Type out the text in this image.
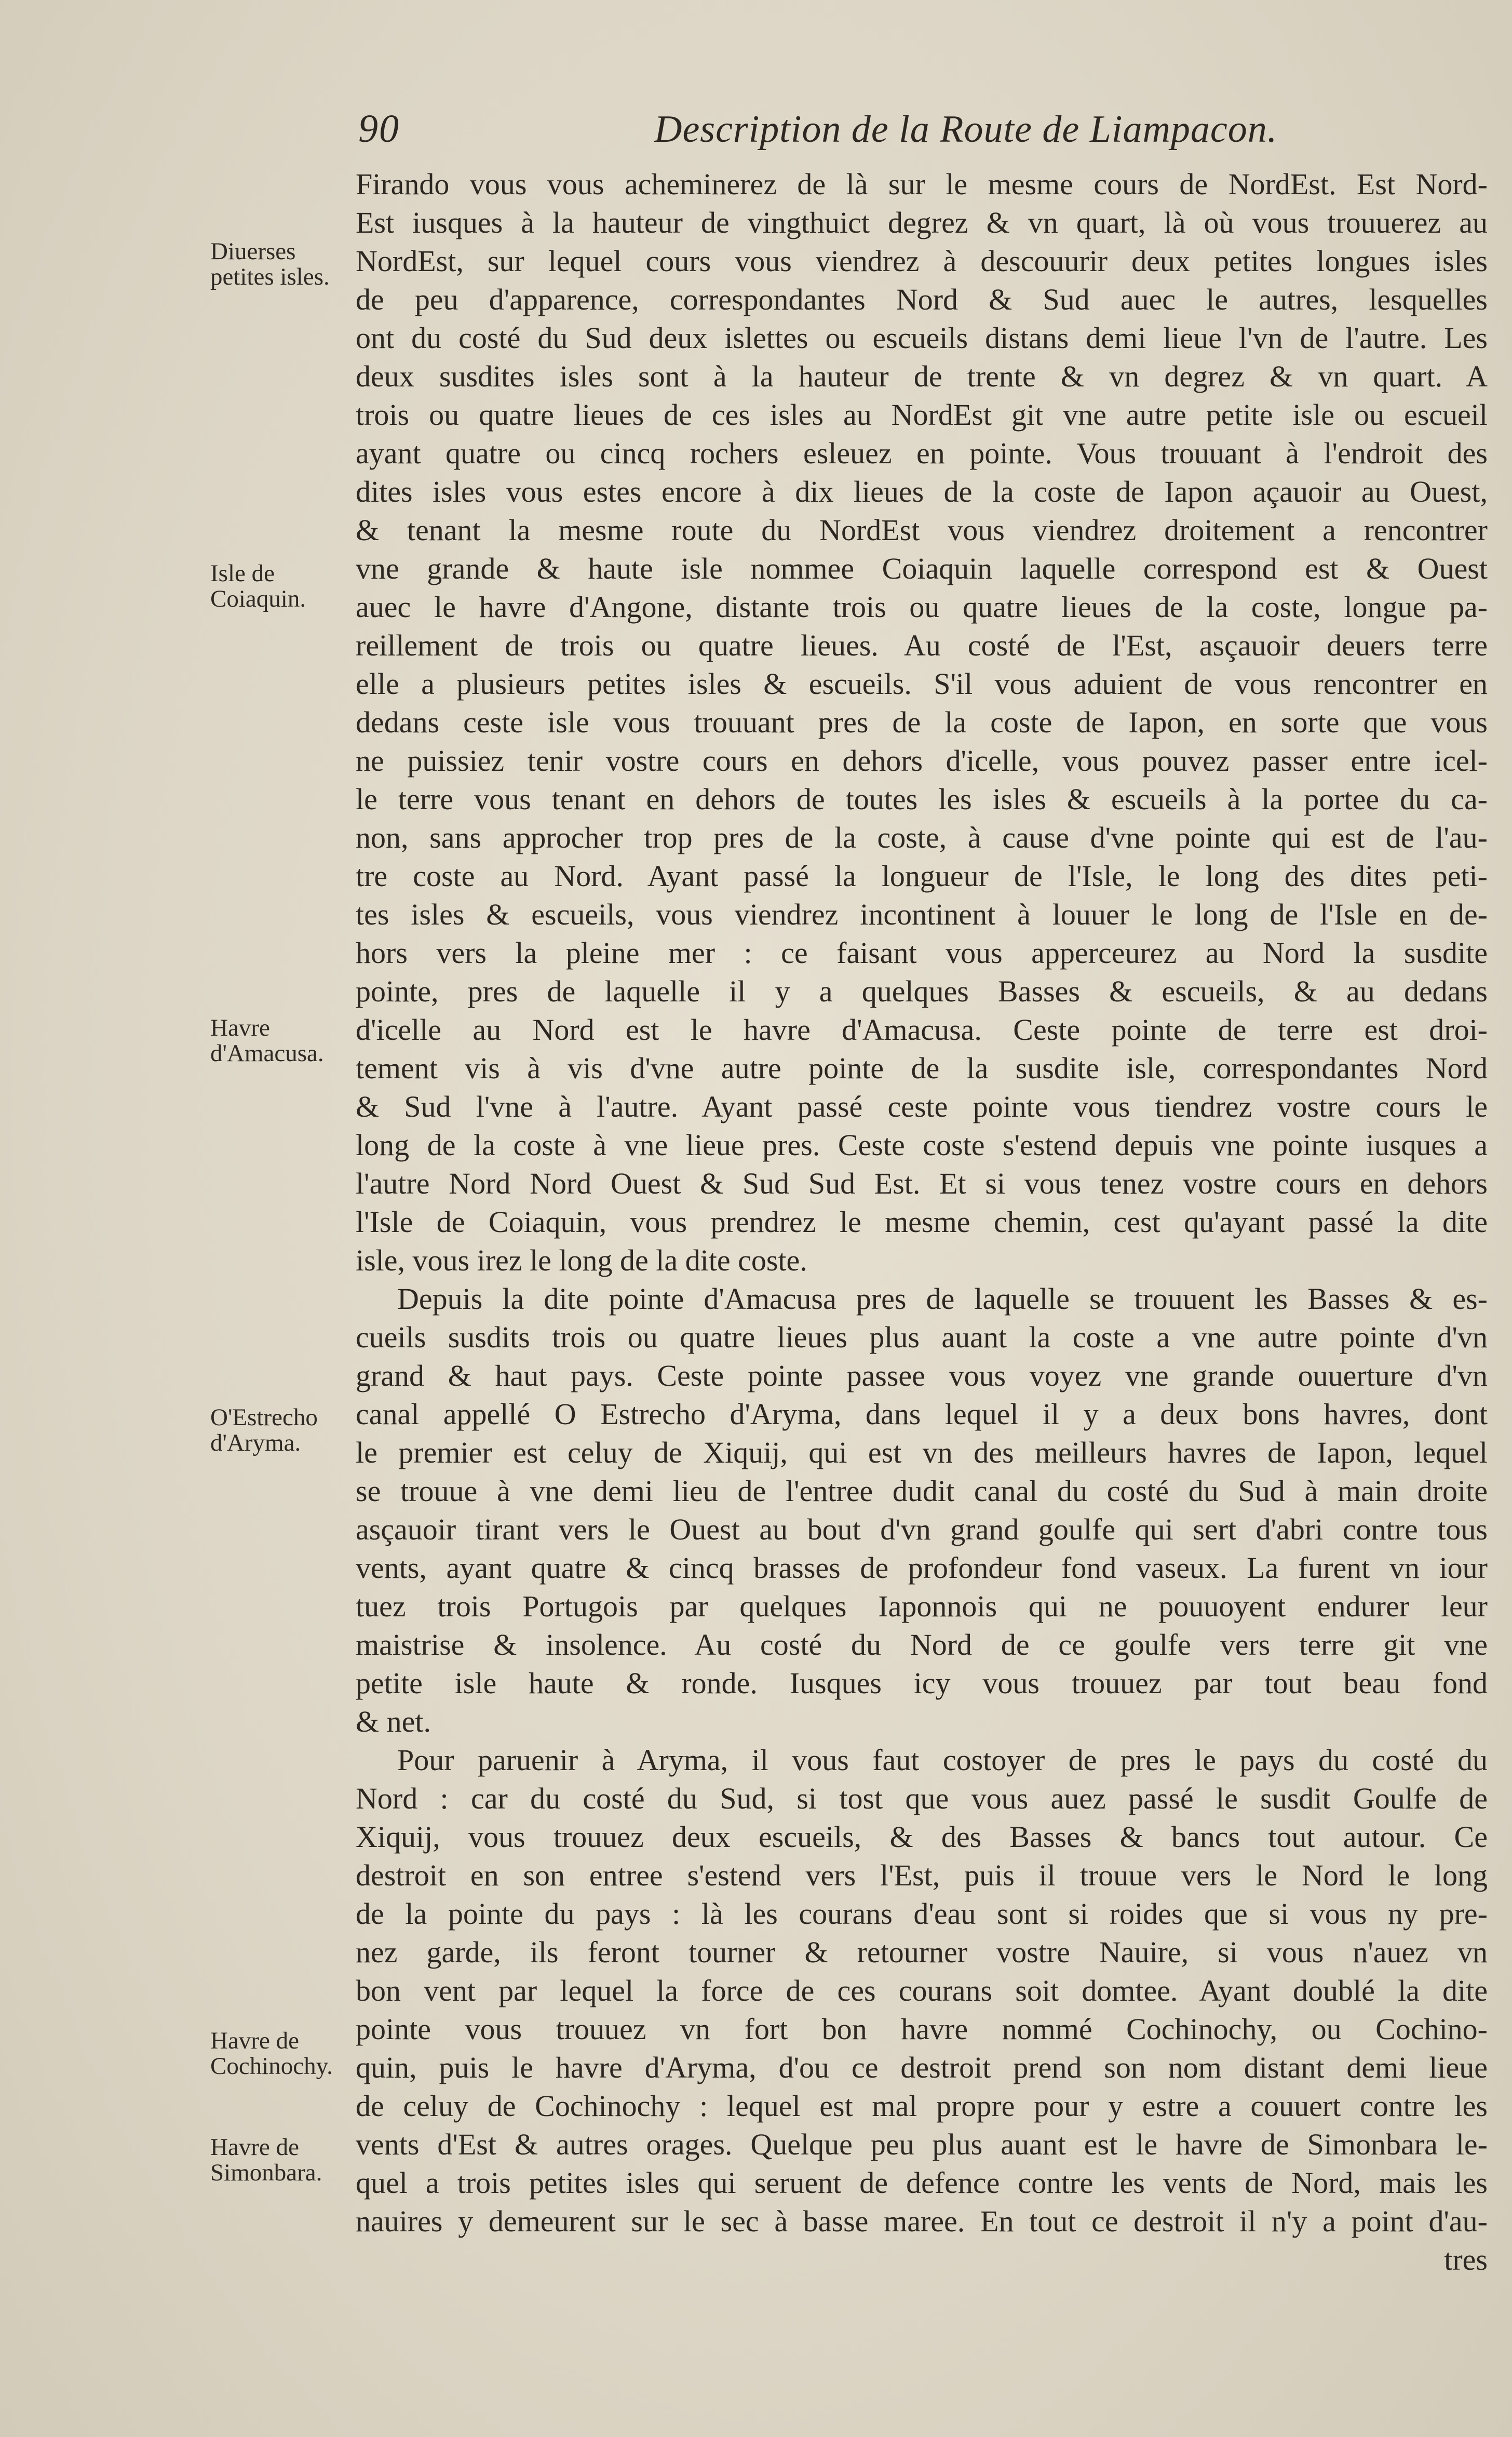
90	Description de la Route de Liampacon.
Diuerses petites isles.
Isle de Coiaquin.
Havre d'Amacusa.
O'Estrecho d'Aryma.
Havre de Cochinochy.
Havre de Simonbara.
Firando vous vous acheminerez de là sur le mesme cours de NordEst. Est Nord-
Est iusques à la hauteur de vingthuict degrez & vn quart, là où vous trouuerez au
NordEst, sur lequel cours vous viendrez à descouurir deux petites longues isles
de peu d'apparence, correspondantes Nord & Sud auec le autres, lesquelles
ont du costé du Sud deux islettes ou escueils distans demi lieue l'vn de l'autre. Les
deux susdites isles sont à la hauteur de trente & vn degrez & vn quart. A
trois ou quatre lieues de ces isles au NordEst git vne autre petite isle ou escueil
ayant quatre ou cincq rochers esleuez en pointe. Vous trouuant à l'endroit des
dites isles vous estes encore à dix lieues de la coste de Iapon açauoir au Ouest,
& tenant la mesme route du NordEst vous viendrez droitement a rencontrer
vne grande & haute isle nommee Coiaquin laquelle correspond est & Ouest
auec le havre d'Angone, distante trois ou quatre lieues de la coste, longue pa-
reillement de trois ou quatre lieues. Au costé de l'Est, asçauoir deuers terre
elle a plusieurs petites isles & escueils. S'il vous aduient de vous rencontrer en
dedans ceste isle vous trouuant pres de la coste de Iapon, en sorte que vous
ne puissiez tenir vostre cours en dehors d'icelle, vous pouvez passer entre icel-
le terre vous tenant en dehors de toutes les isles & escueils à la portee du ca-
non, sans approcher trop pres de la coste, à cause d'vne pointe qui est de l'au-
tre coste au Nord. Ayant passé la longueur de l'Isle, le long des dites peti-
tes isles & escueils, vous viendrez incontinent à louuer le long de l'Isle en de-
hors vers la pleine mer : ce faisant vous apperceurez au Nord la susdite
pointe, pres de laquelle il y a quelques Basses & escueils, & au dedans
d'icelle au Nord est le havre d'Amacusa. Ceste pointe de terre est droi-
tement vis à vis d'vne autre pointe de la susdite isle, correspondantes Nord
& Sud l'vne à l'autre. Ayant passé ceste pointe vous tiendrez vostre cours le
long de la coste à vne lieue pres. Ceste coste s'estend depuis vne pointe iusques a
l'autre Nord Nord Ouest & Sud Sud Est. Et si vous tenez vostre cours en dehors
l'Isle de Coiaquin, vous prendrez le mesme chemin, cest qu'ayant passé la dite
isle, vous irez le long de la dite coste.
Depuis la dite pointe d'Amacusa pres de laquelle se trouuent les Basses & es-
cueils susdits trois ou quatre lieues plus auant la coste a vne autre pointe d'vn
grand & haut pays. Ceste pointe passee vous voyez vne grande ouuerture d'vn
canal appellé O Estrecho d'Aryma, dans lequel il y a deux bons havres, dont
le premier est celuy de Xiquij, qui est vn des meilleurs havres de Iapon, lequel
se trouue à vne demi lieu de l'entree dudit canal du costé du Sud à main droite
asçauoir tirant vers le Ouest au bout d'vn grand goulfe qui sert d'abri contre tous
vents, ayant quatre & cincq brasses de profondeur fond vaseux. La furent vn iour
tuez trois Portugois par quelques Iaponnois qui ne pouuoyent endurer leur
maistrise & insolence. Au costé du Nord de ce goulfe vers terre git vne
petite isle haute & ronde. Iusques icy vous trouuez par tout beau fond
& net.
Pour paruenir à Aryma, il vous faut costoyer de pres le pays du costé du
Nord : car du costé du Sud, si tost que vous auez passé le susdit Goulfe de
Xiquij, vous trouuez deux escueils, & des Basses & bancs tout autour. Ce
destroit en son entree s'estend vers l'Est, puis il trouue vers le Nord le long
de la pointe du pays : là les courans d'eau sont si roides que si vous ny pre-
nez garde, ils feront tourner & retourner vostre Nauire, si vous n'auez vn
bon vent par lequel la force de ces courans soit domtee. Ayant doublé la dite
pointe vous trouuez vn fort bon havre nommé Cochinochy, ou Cochino-
quin, puis le havre d'Aryma, d'ou ce destroit prend son nom distant demi lieue
de celuy de Cochinochy : lequel est mal propre pour y estre a couuert contre les
vents d'Est & autres orages. Quelque peu plus auant est le havre de Simonbara le-
quel a trois petites isles qui seruent de defence contre les vents de Nord, mais les
nauires y demeurent sur le sec à basse maree. En tout ce destroit il n'y a point d'au-
tres
